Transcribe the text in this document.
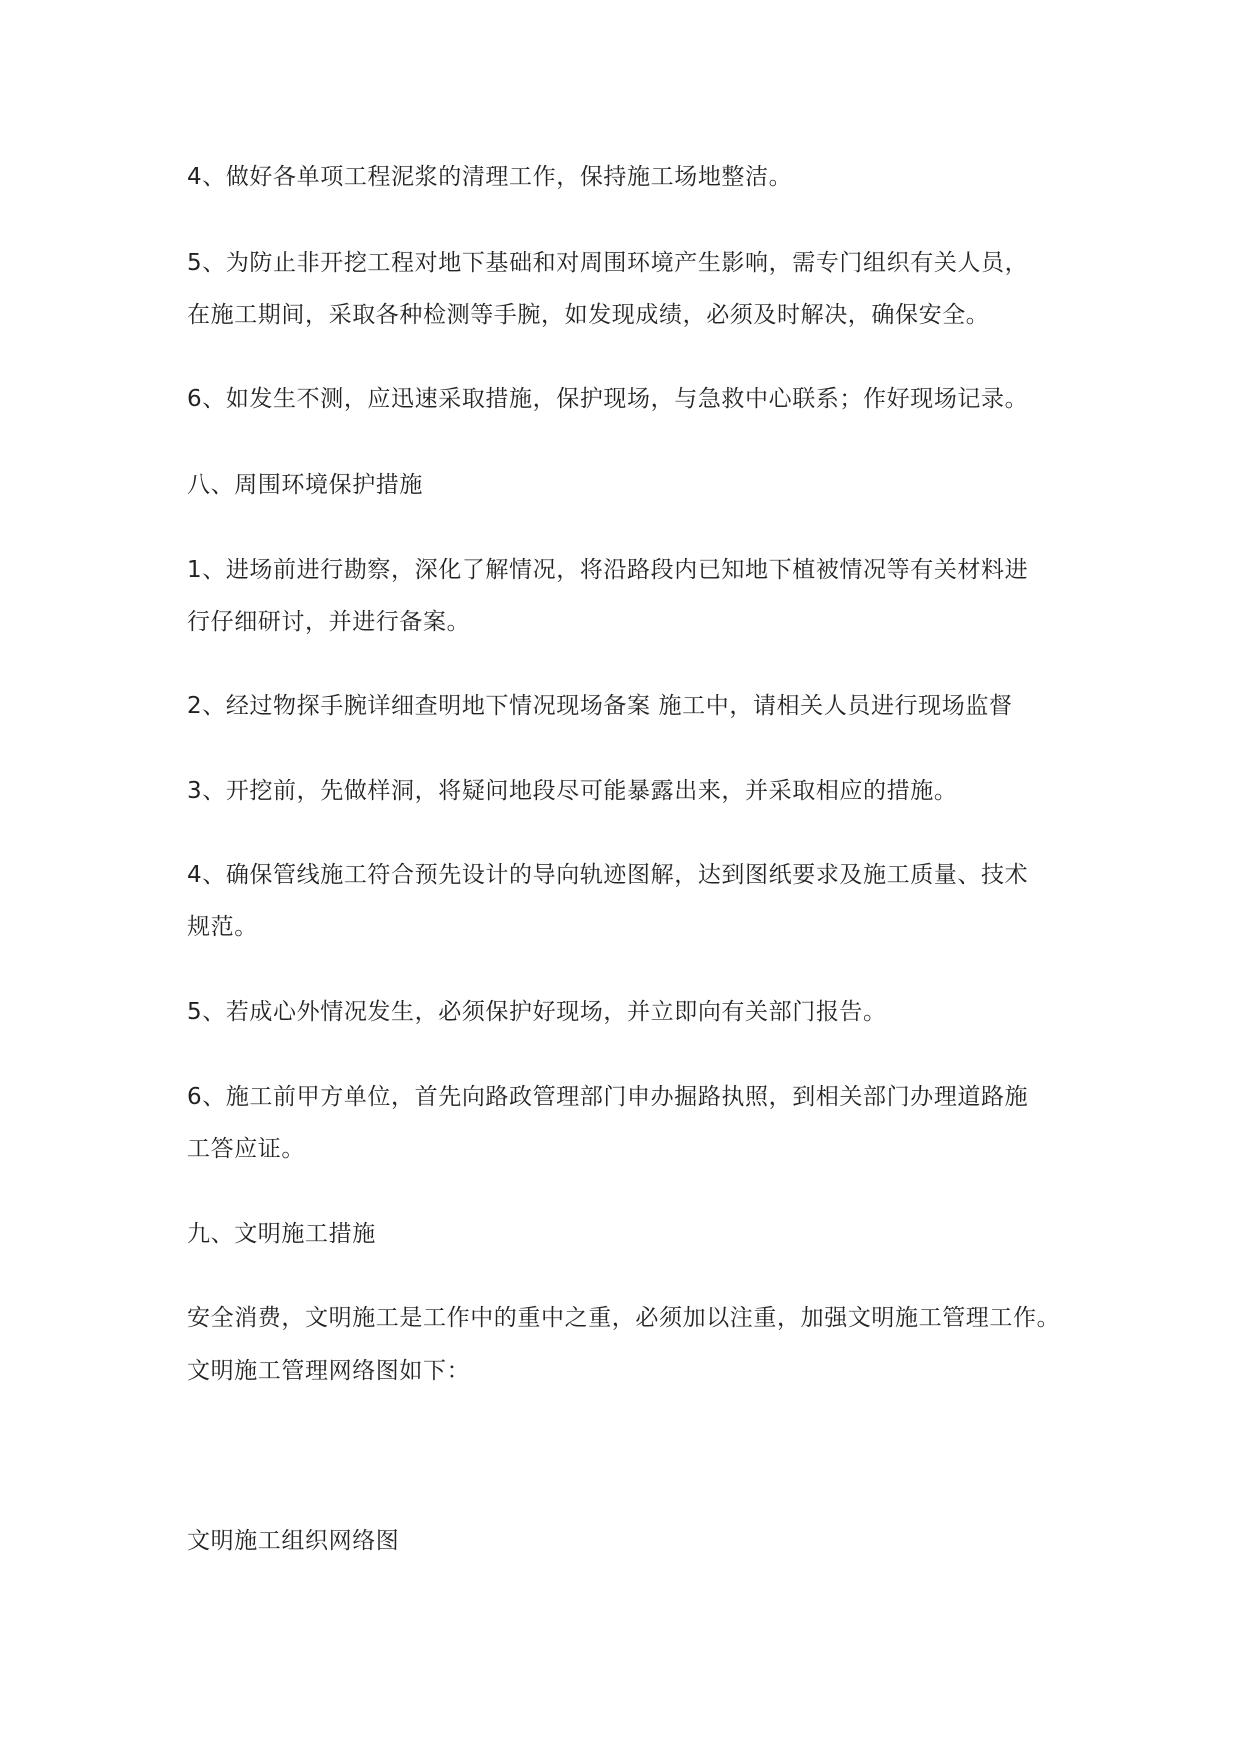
4、做好各单项工程泥浆的清理工作，保持施工场地整洁。
5、为防止非开挖工程对地下基础和对周围环境产生影响，需专门组织有关人员，
在施工期间，采取各种检测等手腕，如发现成绩，必须及时解决，确保安全。
6、如发生不测，应迅速采取措施，保护现场，与急救中心联系；作好现场记录。
八、周围环境保护措施
1、进场前进行勘察，深化了解情况，将沿路段内已知地下植被情况等有关材料进
行仔细研讨，并进行备案。
2、经过物探手腕详细查明地下情况现场备案 施工中，请相关人员进行现场监督
3、开挖前，先做样洞，将疑问地段尽可能暴露出来，并采取相应的措施。
4、确保管线施工符合预先设计的导向轨迹图解，达到图纸要求及施工质量、技术
规范。
5、若成心外情况发生，必须保护好现场，并立即向有关部门报告。
6、施工前甲方单位，首先向路政管理部门申办掘路执照，到相关部门办理道路施
工答应证。
九、文明施工措施
安全消费，文明施工是工作中的重中之重，必须加以注重，加强文明施工管理工作。
文明施工管理网络图如下：
文明施工组织网络图
